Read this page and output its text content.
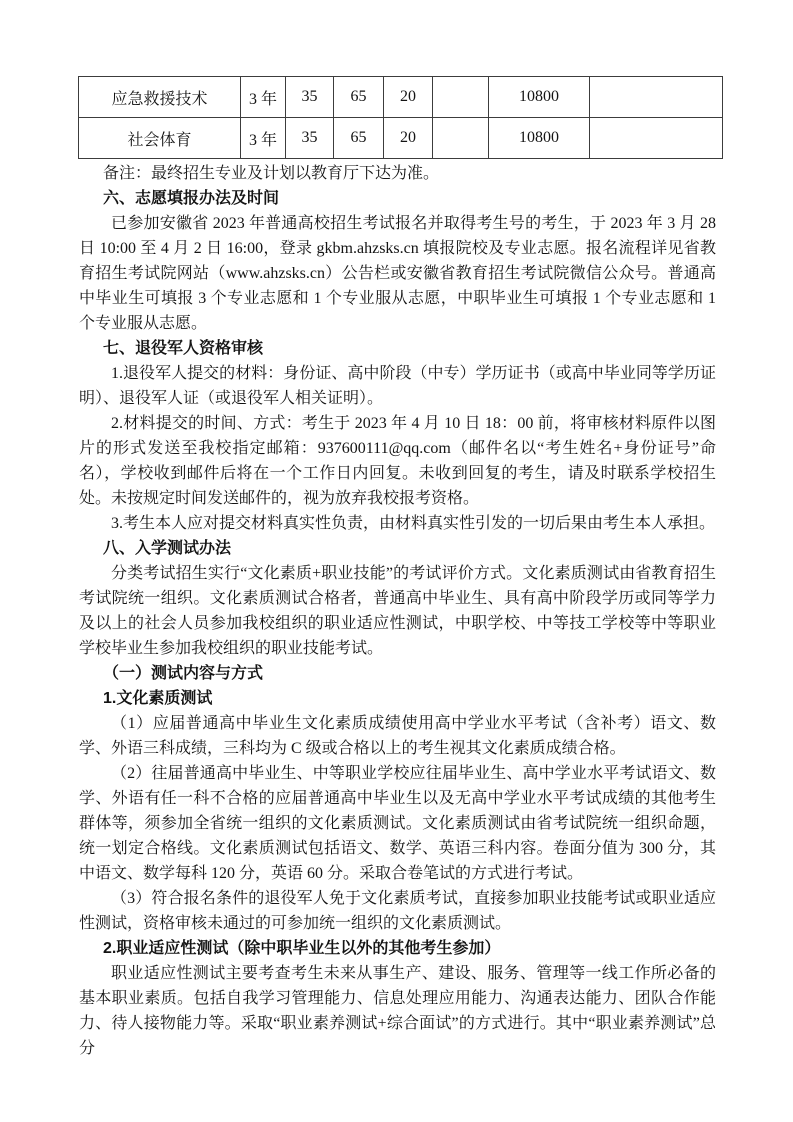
应急救援技术	3 年	35	65	20		10800	
社会体育	3 年	35	65	20		10800	

备注：最终招生专业及计划以教育厅下达为准。

六、志愿填报办法及时间

已参加安徽省 2023 年普通高校招生考试报名并取得考生号的考生，于 2023 年 3 月 28 日 10:00 至 4 月 2 日 16:00，登录 gkbm.ahzsks.cn 填报院校及专业志愿。报名流程详见省教育招生考试院网站（www.ahzsks.cn）公告栏或安徽省教育招生考试院微信公众号。普通高中毕业生可填报 3 个专业志愿和 1 个专业服从志愿，中职毕业生可填报 1 个专业志愿和 1 个专业服从志愿。

七、退役军人资格审核

1.退役军人提交的材料：身份证、高中阶段（中专）学历证书（或高中毕业同等学历证明）、退役军人证（或退役军人相关证明）。

2.材料提交的时间、方式：考生于 2023 年 4 月 10 日 18：00 前，将审核材料原件以图片的形式发送至我校指定邮箱：937600111@qq.com（邮件名以“考生姓名+身份证号”命名），学校收到邮件后将在一个工作日内回复。未收到回复的考生，请及时联系学校招生处。未按规定时间发送邮件的，视为放弃我校报考资格。

3.考生本人应对提交材料真实性负责，由材料真实性引发的一切后果由考生本人承担。

八、入学测试办法

分类考试招生实行“文化素质+职业技能”的考试评价方式。文化素质测试由省教育招生考试院统一组织。文化素质测试合格者，普通高中毕业生、具有高中阶段学历或同等学力及以上的社会人员参加我校组织的职业适应性测试，中职学校、中等技工学校等中等职业学校毕业生参加我校组织的职业技能考试。

（一）测试内容与方式

1.文化素质测试

（1）应届普通高中毕业生文化素质成绩使用高中学业水平考试（含补考）语文、数学、外语三科成绩，三科均为 C 级或合格以上的考生视其文化素质成绩合格。

（2）往届普通高中毕业生、中等职业学校应往届毕业生、高中学业水平考试语文、数学、外语有任一科不合格的应届普通高中毕业生以及无高中学业水平考试成绩的其他考生群体等，须参加全省统一组织的文化素质测试。文化素质测试由省考试院统一组织命题，统一划定合格线。文化素质测试包括语文、数学、英语三科内容。卷面分值为 300 分，其中语文、数学每科 120 分，英语 60 分。采取合卷笔试的方式进行考试。

（3）符合报名条件的退役军人免于文化素质考试，直接参加职业技能考试或职业适应性测试，资格审核未通过的可参加统一组织的文化素质测试。

2.职业适应性测试（除中职毕业生以外的其他考生参加）

职业适应性测试主要考查考生未来从事生产、建设、服务、管理等一线工作所必备的基本职业素质。包括自我学习管理能力、信息处理应用能力、沟通表达能力、团队合作能力、待人接物能力等。采取“职业素养测试+综合面试”的方式进行。其中“职业素养测试”总分
